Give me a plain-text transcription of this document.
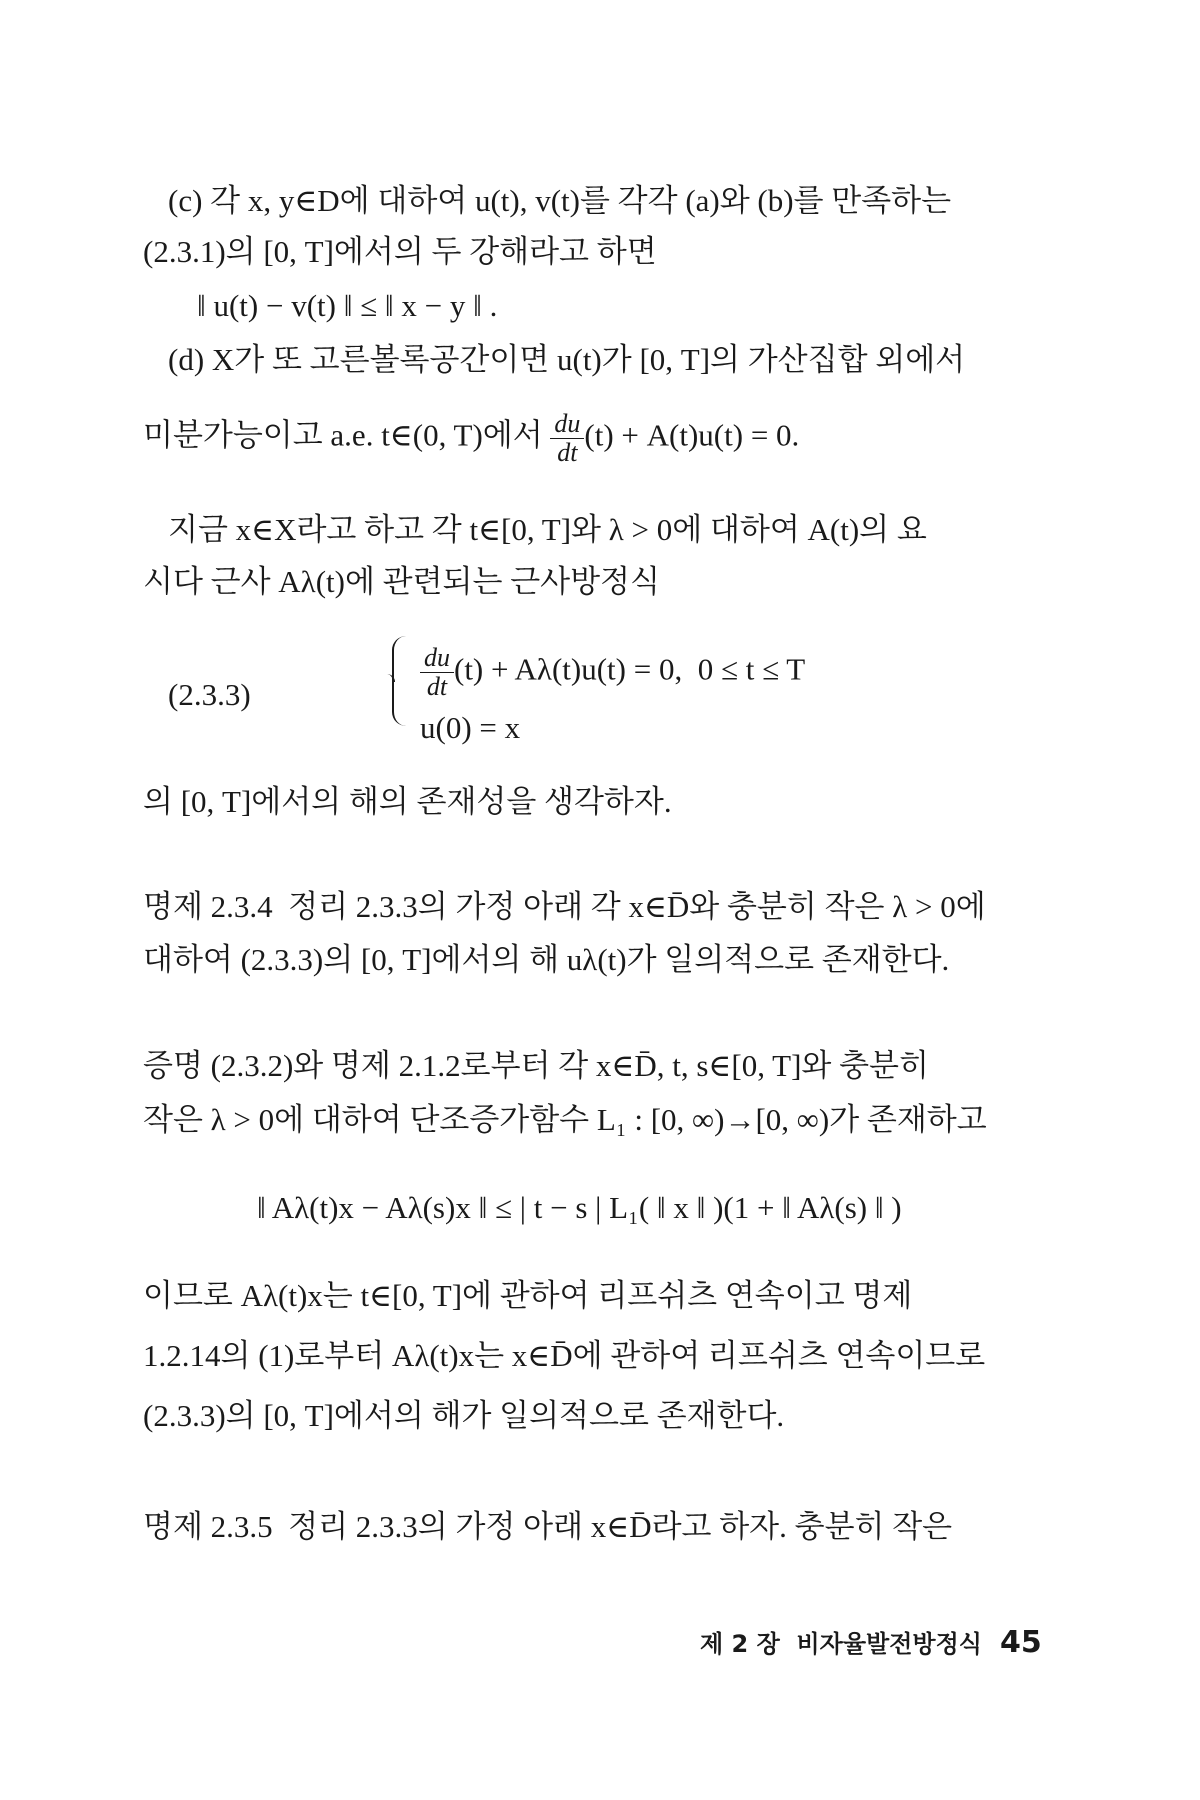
(c) 각 x, y∈D에 대하여 u(t), v(t)를 각각 (a)와 (b)를 만족하는
(2.3.1)의 [0, T]에서의 두 강해라고 하면
‖ u(t) − v(t) ‖ ≤ ‖ x − y ‖ .
(d) X가 또 고른볼록공간이면 u(t)가 [0, T]의 가산집합 외에서
미분가능이고 a.e. t∈(0, T)에서 $\frac{du}{dt} (t) + A(t)u(t) = 0$.
지금 x∈X라고 하고 각 t∈[0, T]와 λ > 0에 대하여 A(t)의 요
시다 근사 Aλ(t)에 관련되는 근사방정식
(2.3.3)	$\frac{du}{dt} (t) + A\lambda(t)u(t) = 0$,  0 ≤ t ≤ T
u(0) = x
의 [0, T]에서의 해의 존재성을 생각하자.
명제 2.3.4  정리 2.3.3의 가정 아래 각 x∈D̄와 충분히 작은 λ > 0에
대하여 (2.3.3)의 [0, T]에서의 해 uλ(t)가 일의적으로 존재한다.
증명 (2.3.2)와 명제 2.1.2로부터 각 x∈D̄, t, s∈[0, T]와 충분히
작은 λ > 0에 대하여 단조증가함수 L₁ : [0, ∞)→[0, ∞)가 존재하고
‖ Aλ(t)x − Aλ(s)x ‖ ≤ | t − s | L₁( ‖ x ‖ )(1 + ‖ Aλ(s) ‖ )
이므로 Aλ(t)x는 t∈[0, T]에 관하여 리프쉬츠 연속이고 명제
1.2.14의 (1)로부터 Aλ(t)x는 x∈D̄에 관하여 리프쉬츠 연속이므로
(2.3.3)의 [0, T]에서의 해가 일의적으로 존재한다.
명제 2.3.5  정리 2.3.3의 가정 아래 x∈D̄라고 하자. 충분히 작은
제 2 장  비자율발전방정식 45
